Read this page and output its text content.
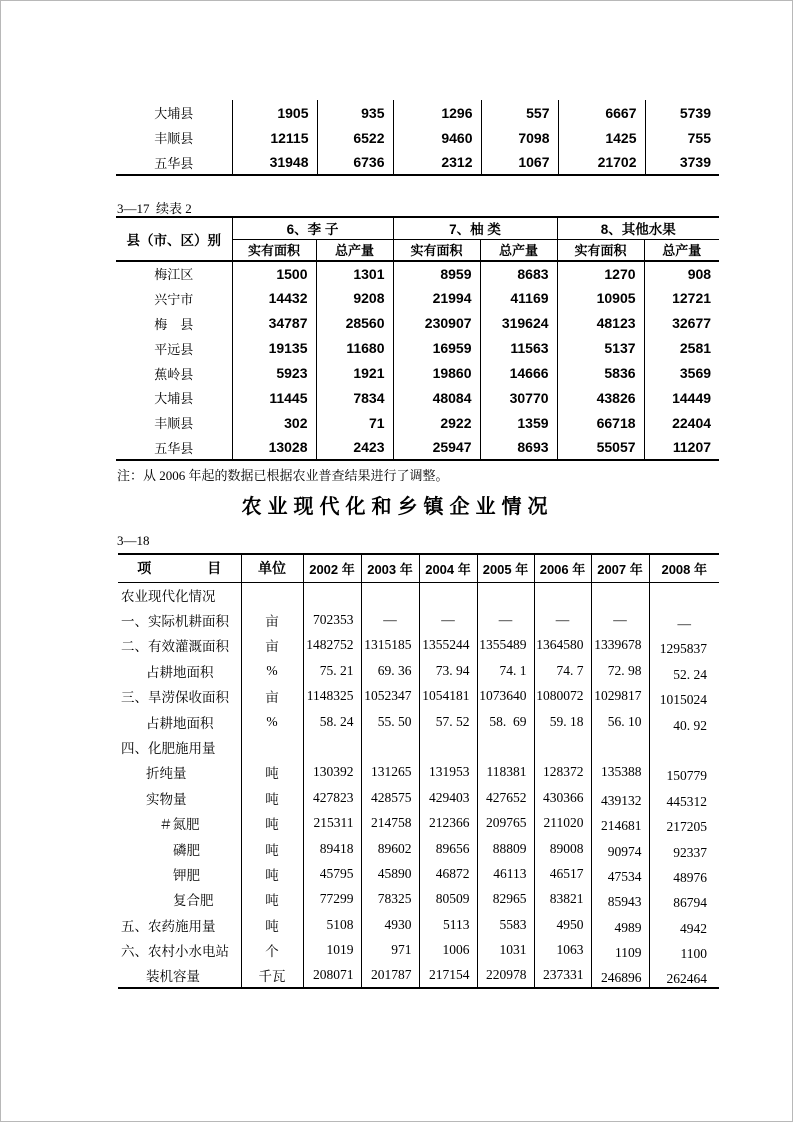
大埔县	1905	935	1296	557	6667	5739
丰顺县	12115	6522	9460	7098	1425	755
五华县	31948	6736	2312	1067	21702	3739
3—17  续表 2
县（市、区）别	6、李 子		7、柚 类		8、其他水果	
	实有面积	总产量	实有面积	总产量	实有面积	总产量
梅江区	1500	1301	8959	8683	1270	908
兴宁市	14432	9208	21994	41169	10905	12721
梅　县	34787	28560	230907	319624	48123	32677
平远县	19135	11680	16959	11563	5137	2581
蕉岭县	5923	1921	19860	14666	5836	3569
大埔县	11445	7834	48084	30770	43826	14449
丰顺县	302	71	2922	1359	66718	22404
五华县	13028	2423	25947	8693	55057	11207
注：从 2006 年起的数据已根据农业普查结果进行了调整。
农业现代化和乡镇企业情况
3—18
项　　　　目	单位	2002 年	2003 年	2004 年	2005 年	2006 年	2007 年	2008 年
农业现代化情况								
一、实际机耕面积	亩	702353	—	—	—	—	—	—
二、有效灌溉面积	亩	1482752	1315185	1355244	1355489	1364580	1339678	1295837
占耕地面积	%	75. 21	69. 36	73. 94	74. 1	74. 7	72. 98	52. 24
三、旱涝保收面积	亩	1148325	1052347	1054181	1073640	1080072	1029817	1015024
占耕地面积	%	58. 24	55. 50	57. 52	58.  69	59. 18	56. 10	40. 92
四、化肥施用量								
折纯量	吨	130392	131265	131953	118381	128372	135388	150779
实物量	吨	427823	428575	429403	427652	430366	439132	445312
＃氮肥	吨	215311	214758	212366	209765	211020	214681	217205
磷肥	吨	89418	89602	89656	88809	89008	90974	92337
钾肥	吨	45795	45890	46872	46113	46517	47534	48976
复合肥	吨	77299	78325	80509	82965	83821	85943	86794
五、农药施用量	吨	5108	4930	5113	5583	4950	4989	4942
六、农村小水电站	个	1019	971	1006	1031	1063	1109	1100
装机容量	千瓦	208071	201787	217154	220978	237331	246896	262464
